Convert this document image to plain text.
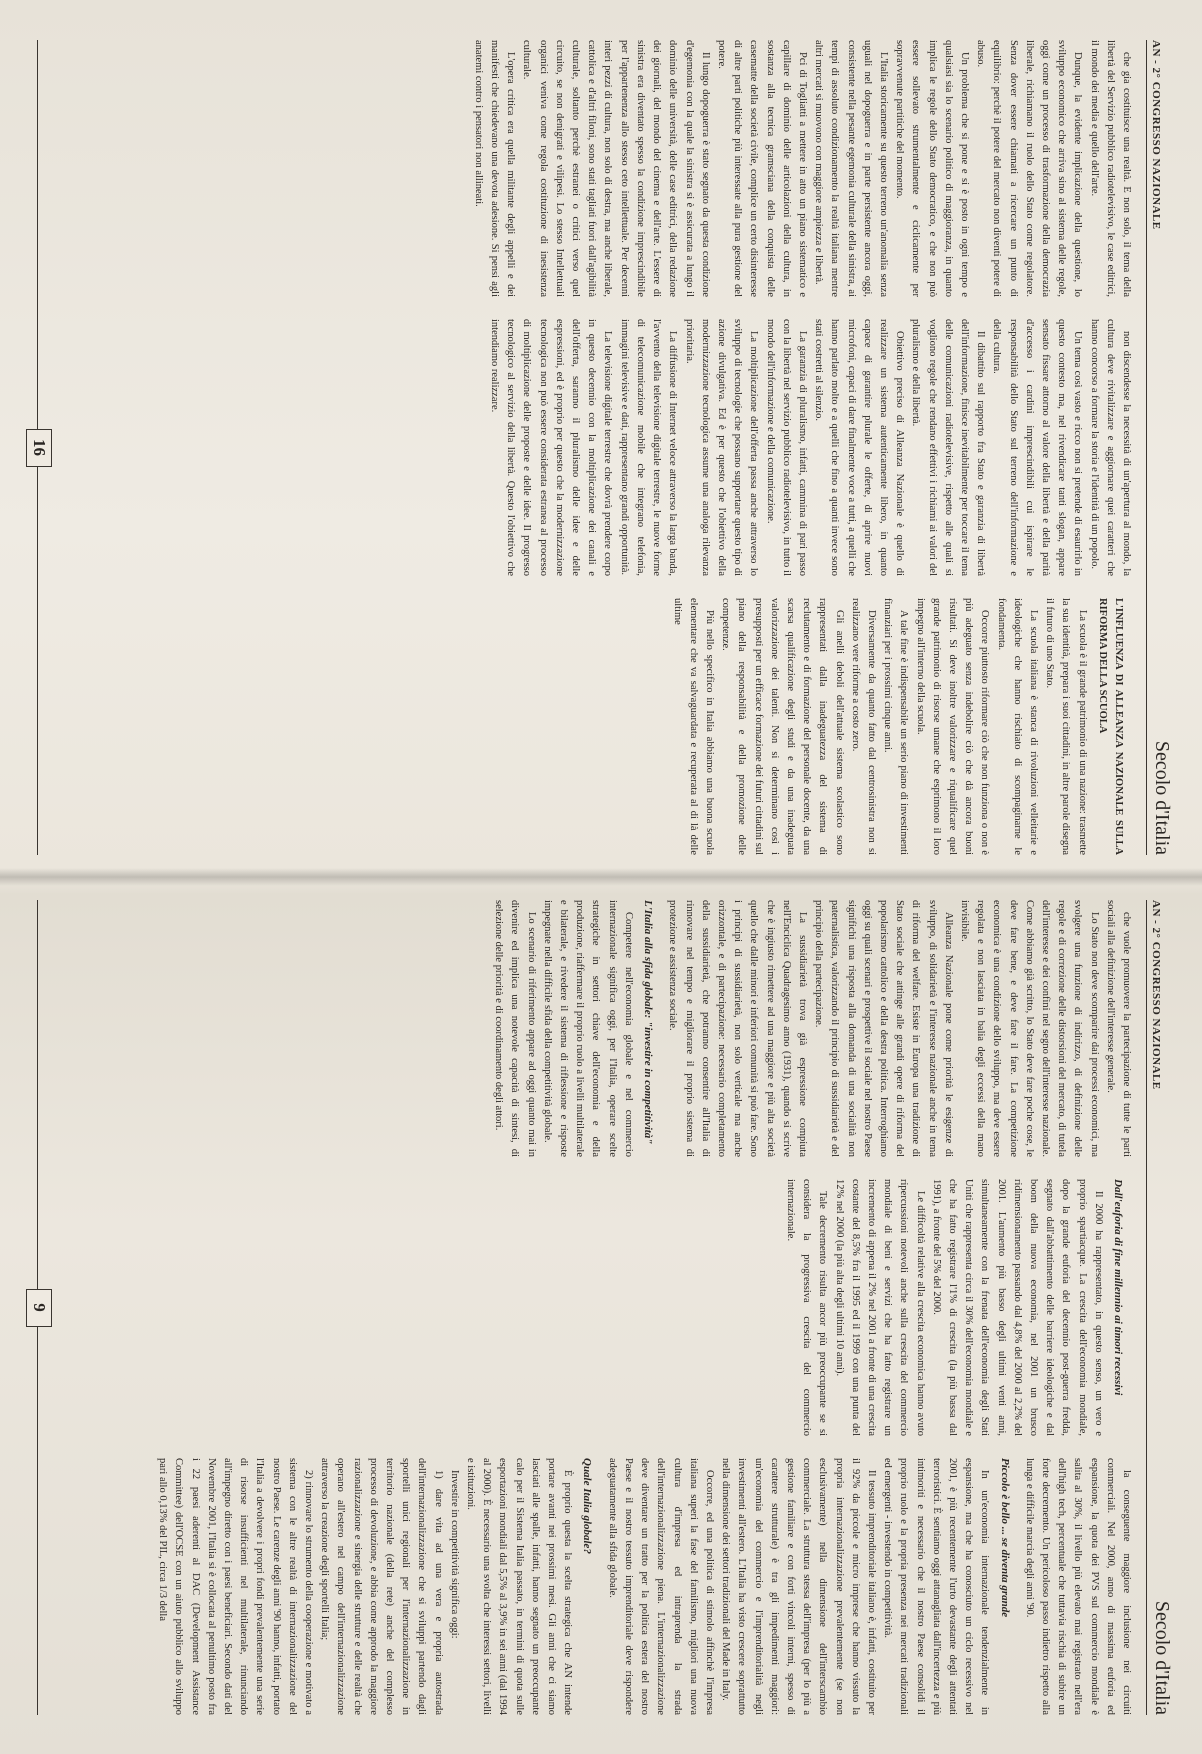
AN - 2° CONGRESSO NAZIONALE
Secolo d'Italia

che gia costituisce una realtà. E non solo, il tema della libertà del Servizio pubblico radiotelevisivo, le case editrici, il mondo dei media e quello dell'arte.

Dunque, la evidente implicazione della questione, lo sviluppo economico che arriva sino al sistema delle regole, oggi come un processo di trasformazione della democrazia liberale, richiamano il ruolo dello Stato come regolatore. Senza dover essere chiamati a ricercare un punto di equilibrio: perchè il potere del mercato non diventi potere di abuso.

Un problema che si pone e si è posto in ogni tempo e qualsiasi sia lo scenario politico di maggioranza, in quanto implica le regole dello Stato democratico, e che non può essere sollevato strumentalmente e ciclicamente per sopravvenute partitiche del momento.

L'Italia storicamente su questo terreno un'anomalia senza uguali nel dopoguerra e in parte persistente ancora oggi, consistente nella pesante egemonia culturale della sinistra, ai tempi di assoluto condizionamento la realtà italiana mentre altri mercati si muovono con maggiore ampiezza e libertà.

Pci di Togliatti a mettere in atto un piano sistematico e capillare di dominio delle articolazioni della cultura, in sostanza alla tecnica gramsciana della conquista delle casematte della società civile, complice un certo disinteresse di altre parti politiche più interessate alla pura gestione del potere.

Il lungo dopoguerra è stato segnato da questa condizione d'egemonia con la quale la sinistra si è assicurata a lungo il dominio delle università, delle case editrici, della redazione dei giornali, del mondo del cinema e dell'arte. L'essere di sinistra era diventato spesso la condizione imprescindibile per l'appartenenza allo stesso ceto intellettuale. Per decenni interi pezzi di cultura, non solo di destra, ma anche liberale, cattolica e d'altri filoni, sono stati tagliati fuori dall'agibilità culturale, soltanto perchè estranei o critici verso quel circuito, se non denigrati e vilipesi. Lo stesso Intellettuali organici veniva come regola costituzione di inesistenza culturale.

L'opera critica era quella militante degli appelli e dei manifesti che chiedevano una devota adesione. Si pensi agli anatemi contro i pensatori non allineati.

non discendesse la necessità di un'apertura al mondo, la cultura deve rivitalizzare e aggiornare quei caratteri che hanno concorso a formare la storia e l'identità di un popolo.

Un tema così vasto e ricco non si pretende di esaurirlo in questo contesto ma, nel rivendicare tanti slogan, appare sensato fissare attorno al valore della libertà e della parità d'accesso i cardini imprescindibili cui ispirare le responsabilità dello Stato sul terreno dell'informazione e della cultura.

Il dibattito sul rapporto fra Stato e garanzia di libertà dell'informazione, finisce inevitabilmente per toccare il tema delle comunicazioni radiotelevisive, rispetto alle quali si vogliono regole che rendano effettivi i richiami ai valori del pluralismo e della libertà.

Obiettivo preciso di Alleanza Nazionale è quello di realizzare un sistema autenticamente libero, in quanto capace di garantire plurale le offerte, di aprire nuovi microfoni, capaci di dare finalmente voce a tutti, a quelli che hanno parlato molto e a quelli che fino a quanti invece sono stati costretti al silenzio.

La garanzia di pluralismo, infatti, cammina di pari passo con la libertà nel servizio pubblico radiotelevisivo, in tutto il mondo dell'informazione e della comunicazione.

La moltiplicazione dell'offerta passa anche attraverso lo sviluppo di tecnologie che possano supportare questo tipo di azione divulgativa. Ed è per questo che l'obiettivo della modernizzazione tecnologica assume una analoga rilevanza prioritaria.

La diffusione di Internet veloce attraverso la larga banda, l'avvento della televisione digitale terrestre, le nuove forme di telecomunicazione mobile che integrano telefonia, immagini televisive e dati, rappresentano grandi opportunità.

La televisione digitale terrestre che dovrà prendere corpo in questo decennio con la moltiplicazione dei canali e dell'offerta, saranno il pluralismo delle idee e delle espressioni, ed è proprio per questo che la modernizzazione tecnologica non può essere considerata estranea al processo di moltiplicazione delle proposte e delle idee. Il progresso tecnologico al servizio della libertà. Questo l'obiettivo che intendiamo realizzare.

L'INFLUENZA DI ALLEANZA NAZIONALE SULLA RIFORMA DELLA SCUOLA

La scuola è il grande patrimonio di una nazione: trasmette la sua identità, prepara i suoi cittadini, in altre parole disegna il futuro di uno Stato.

La scuola italiana è stanca di rivoluzioni velleitarie e ideologiche che hanno rischiato di scompaginarne le fondamenta.

Occorre piuttosto riformare ciò che non funziona o non è più adeguato senza indebolire ciò che dà ancora buoni risultati. Si deve inoltre valorizzare e riqualificare quel grande patrimonio di risorse umane che esprimono il loro impegno all'interno della scuola.

A tale fine è indispensabile un serio piano di investimenti finanziari per i prossimi cinque anni.

Diversamente da quanto fatto dal centrosinistra non si realizzano vere riforme a costo zero.

Gli anelli deboli dell'attuale sistema scolastico sono rappresentati dalla inadeguatezza del sistema di reclutamento e di formazione del personale docente, da una scarsa qualificazione degli studi e da una inadeguata valorizzazione dei talenti. Non si determinano così i presupposti per un efficace formazione dei futuri cittadini sul piano della responsabilità e della promozione delle competenze.

Più nello specifico in Italia abbiamo una buona scuola elementare che va salvaguardata e recuperata al di là delle ultime

16
AN - 2° CONGRESSO NAZIONALE
Secolo d'Italia

che vuole promuovere la partecipazione di tutte le parti sociali alla definizione dell'interesse generale.

Lo Stato non deve scomparire dai processi economici, ma svolgere una funzione di indirizzo, di definizione delle regole e di correzione delle distorsioni del mercato, di tutela dell'interesse e dei confini nel segno dell'interesse nazionale. Come abbiamo già scritto, lo Stato deve fare poche cose, le deve fare bene, e deve fare il fare. La competizione economica è una condizione dello sviluppo, ma deve essere regolata e non lasciata in balia degli eccessi della mano invisibile.

Alleanza Nazionale pone come priorità le esigenze di sviluppo, di solidarietà e l'interesse nazionale anche in tema di riforma del welfare. Esiste in Europa una tradizione di Stato sociale che attinge alle grandi opere di riforma del popolarismo cattolico e della destra politica. Interroghiamo oggi su quali scenari e prospettive il sociale nel nostro Paese significhi una risposta alla domanda di una socialità non paternalistica, valorizzando il principio di sussidiarietà e del principio della partecipazione.

La sussidiarietà trova già espressione compiuta nell'Enciclica Quadragesimo anno (1931), quando si scrive che è ingiusto rimettere ad una maggiore e più alta società quello che dalle minori e inferiori comunità si può fare. Sono i principi di sussidiarietà, non solo verticale ma anche orizzontale, e di partecipazione: necessario completamento della sussidiarietà, che potranno consentire all'Italia di rinnovare nel tempo e migliorare il proprio sistema di protezione e assistenza sociale.

L'Italia alla sfida globale: "investire in competitività"

Competere nell'economia globale e nel commercio internazionale significa oggi, per l'Italia, operare scelte strategiche in settori chiave dell'economia e della produzione, riaffermare il proprio ruolo a livelli multilaterale e bilaterale, e rivedere il sistema di riflessione e risposte impegnate nella difficile sfida della competitività globale.

Lo scenario di riferimento appare ad oggi quanto mai in divenire ed implica una notevole capacità di sintesi, di selezione delle priorità e di coordinamento degli attori.

Dall'euforia di fine millennio ai timori recessivi

Il 2000 ha rappresentato, in questo senso, un vero e proprio spartiacque. La crescita dell'economia mondiale, dopo la grande euforia del decennio post-guerra fredda, segnato dall'abbattimento delle barriere ideologiche e dal boom della nuova economia, nel 2001 un brusco ridimensionamento passando dal 4,8% del 2000 al 2,2% del 2001. L'aumento più basso degli ultimi venti anni, simultaneamente con la frenata dell'economia degli Stati Uniti che rappresenta circa il 30% dell'economia mondiale e che ha fatto registrare l'1% di crescita (la più bassa dal 1991), a fronte del 5% del 2000.

Le difficoltà relative alla crescita economica hanno avuto ripercussioni notevoli anche sulla crescita del commercio mondiale di beni e servizi che ha fatto registrare un incremento di appena il 2% nel 2001 a fronte di una crescita costante del 8,5% fra il 1995 ed il 1999 con una punta del 12% nel 2000 (la più alta degli ultimi 10 anni).

Tale decremento risulta ancor più preoccupante se si considera la progressiva crescita del commercio internazionale.

la conseguente maggiore inclusione nei circuiti commerciali. Nel 2000, anno di massima euforia ed espansione, la quota dei PVS sul commercio mondiale è salita al 30%, il livello più elevato mai registrato nell'era dell'high tech, percentuale che tuttavia rischia di subire un forte decremento. Un pericoloso passo indietro rispetto alla lunga e difficile marcia degli anni '90.

Piccolo è bello ... se diventa grande

In un'economia internazionale tendenzialmente in espansione, ma che ha conosciuto un ciclo recessivo nel 2001, è più recentemente l'urto devastante degli attentati terroristici. È sentiamo oggi attanagliata dall'incertezza e più intimoriti e necessario che il nostro Paese consolidi il proprio ruolo e la propria presenza nei mercati tradizionali ed emergenti - investendo in competitività.

Il tessuto imprenditoriale italiano è, infatti, costituito per il 92% da piccole e micro imprese che hanno vissuto la propria internazionalizzazione prevalentemente (se non esclusivamente) nella dimensione dell'interscambio commerciale. La struttura stessa dell'impresa (per lo più a gestione familiare e con forti vincoli interni, spesso di carattere strutturale) è tra gli impedimenti maggiori: un'economia del commercio e l'imprenditorialità negli investimenti all'estero. L'Italia ha visto crescere soprattutto nella dimensione dei settori tradizionali del Made in Italy.

Occorre, ed una politica di stimolo affinchè l'impresa italiana superi la fase del familismo, migliori una nuova cultura d'impresa ed intraprenda la strada dell'internazionalizzazione piena. L'internazionalizzazione deve diventare un tratto per la politica estera del nostro Paese e il nostro tessuto imprenditoriale deve rispondere adeguatamente alla sfida globale.

Quale Italia globale?

È proprio questa la scelta strategica che AN intende portare avanti nei prossimi mesi. Gli anni che ci siamo lasciati alle spalle, infatti, hanno segnato un preoccupante calo per il Sistema Italia passato, in termini di quota sulle esportazioni mondiali dal 5,5% al 3,9% in sei anni (dal 1994 al 2000). È necessario una svolta che interessi settori, livelli e istituzioni.

Investire in competitività significa oggi:

1) dare vita ad una vera e propria autostrada dell'internazionalizzazione che si sviluppi partendo dagli sportelli unici regionali per l'internazionalizzazione in territorio nazionale (della rete) anche del complesso processo di devoluzione, e abbia come approdo la maggiore razionalizzazione e sinergia delle strutture e delle realtà che operano all'estero nel campo dell'internazionalizzazione attraverso la creazione degli sportelli Italia;

2) rinnovare lo strumento della cooperazione e motivato a sistema con le altre realtà di internazionalizzazione del nostro Paese. Le carenze degli anni '90 hanno, infatti, portato l'Italia a devolvere i propri fondi prevalentemente una serie di risorse insufficienti nel multilaterale, rinunciando all'impegno diretto con i paesi beneficiari. Secondo dati del Novembre 2001, l'Italia si è collocata al penultimo posto fra i 22 paesi aderenti al DAC (Development Assistance Committee) dell'OCSE con un aiuto pubblico allo sviluppo pari allo 0,13% del PIL, circa 1/3 della

9
